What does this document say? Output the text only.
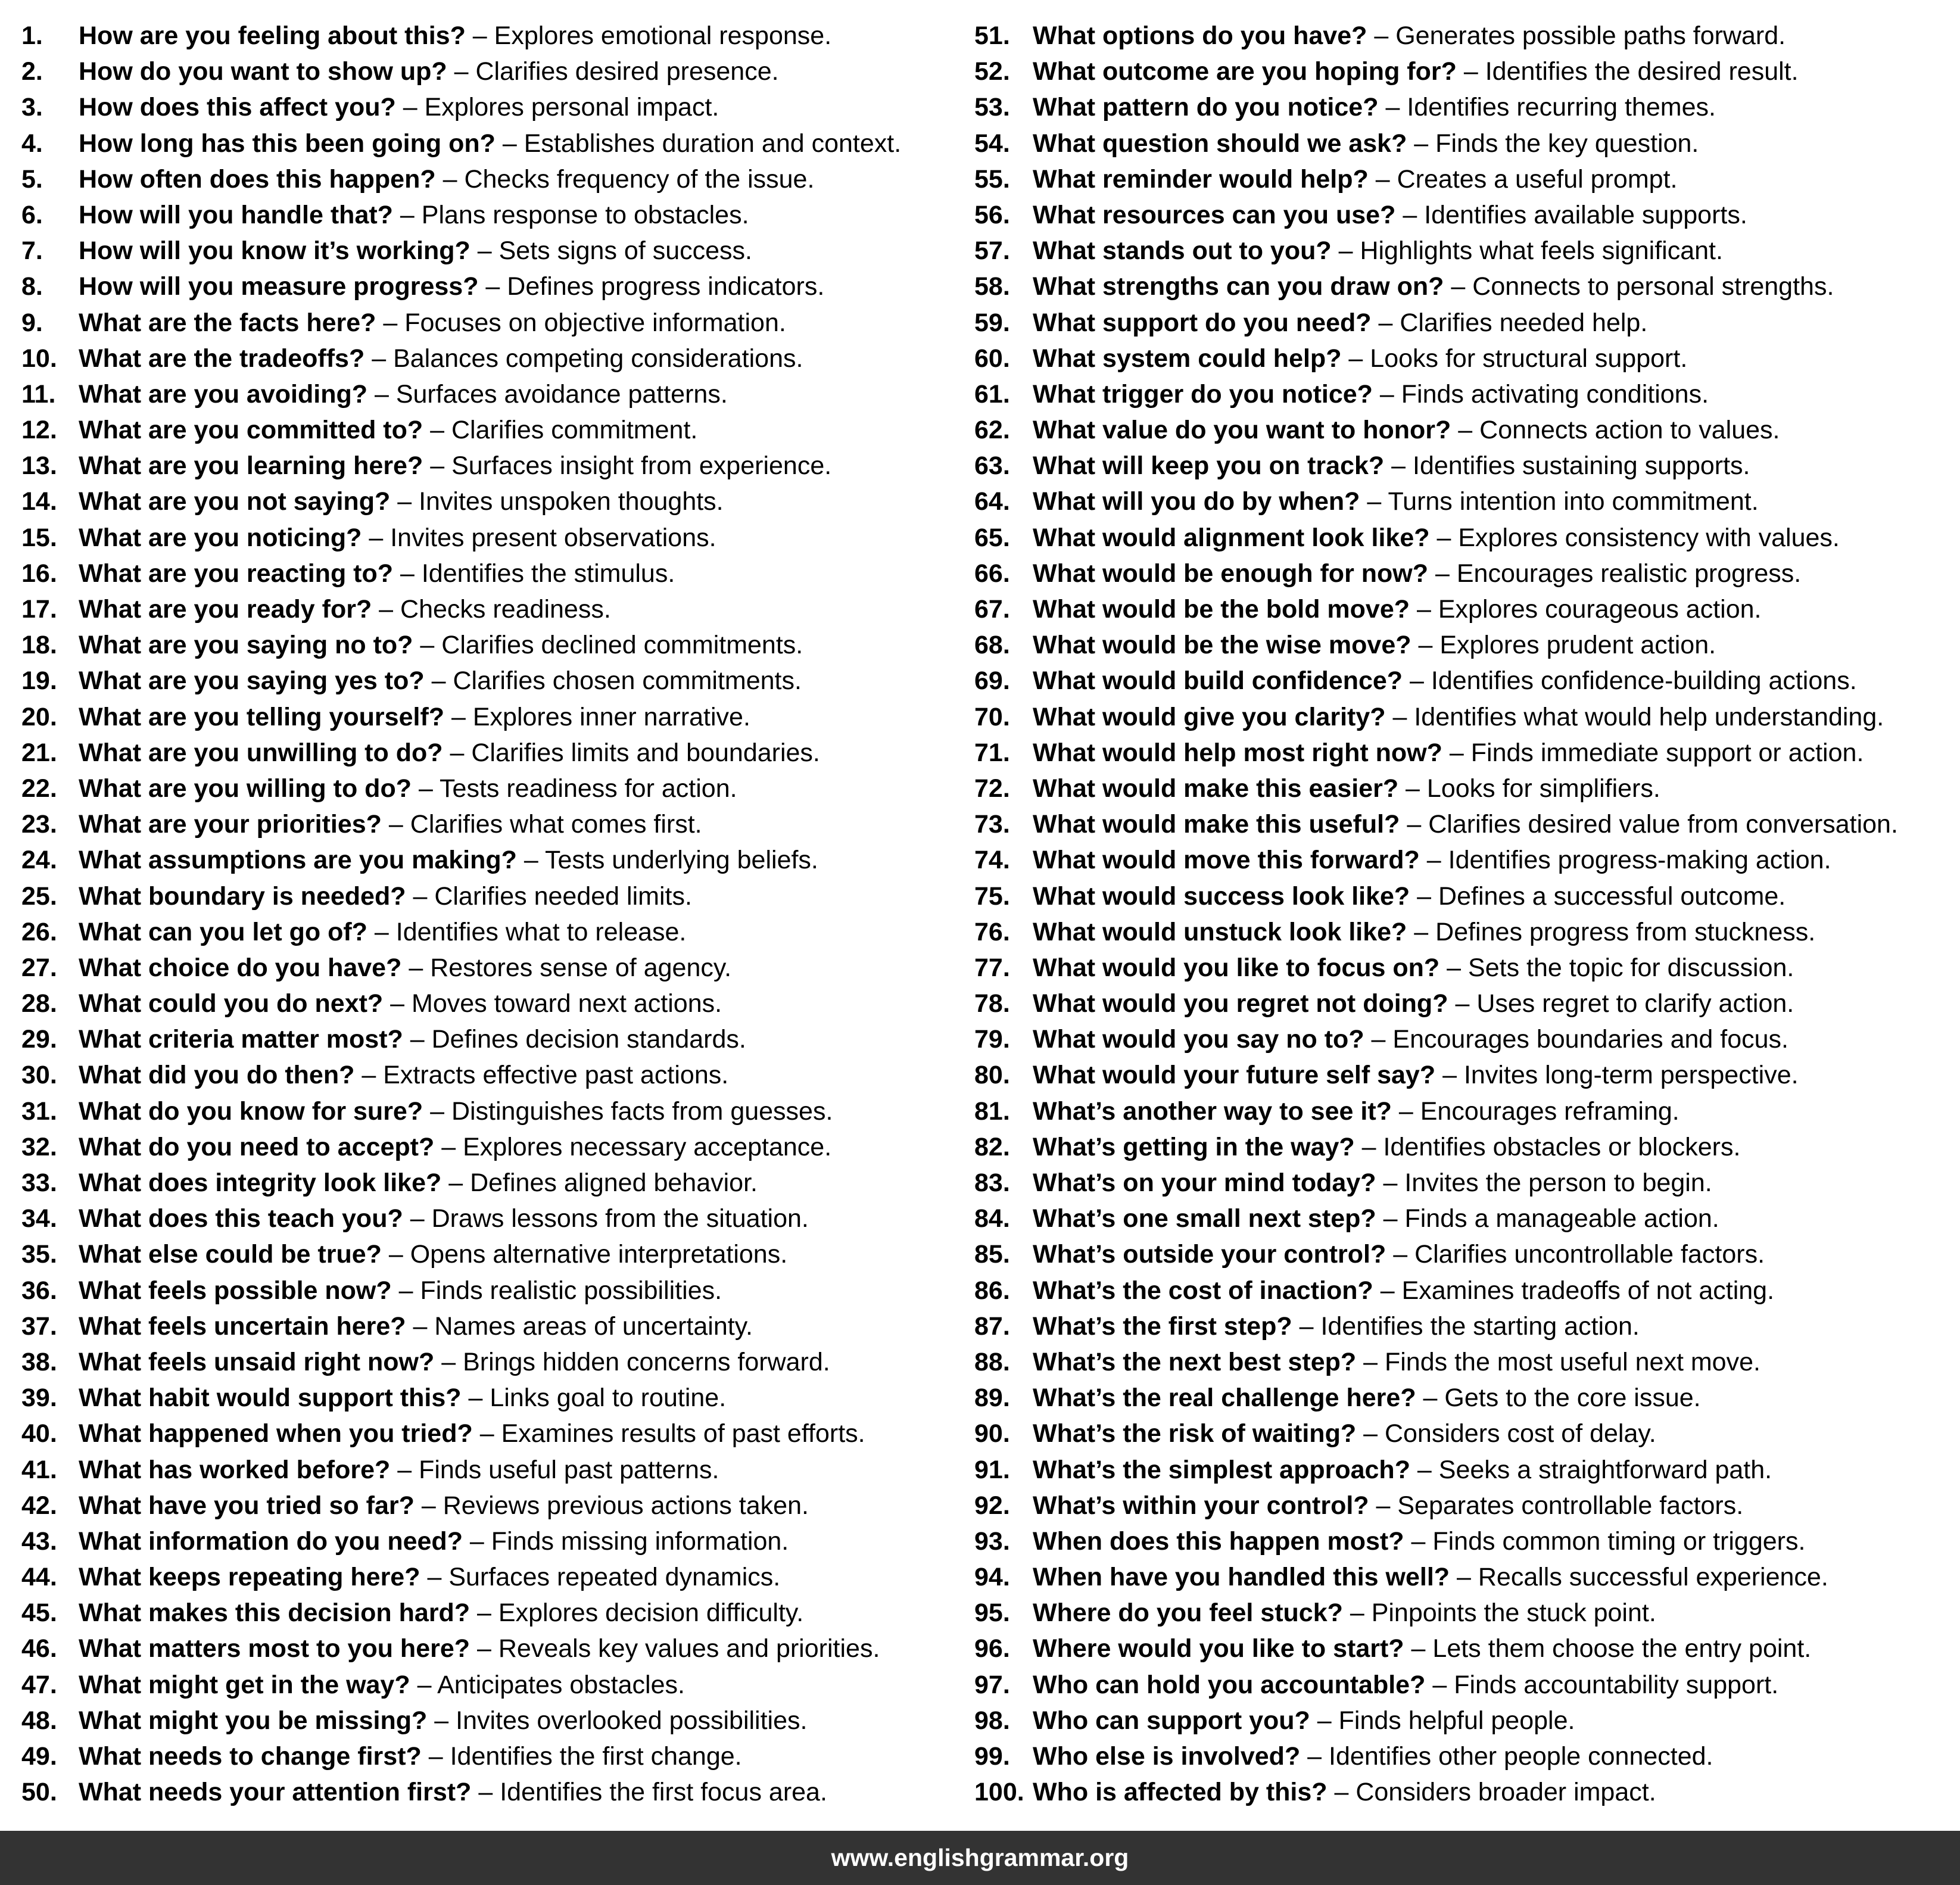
1. How are you feeling about this? – Explores emotional response.
2. How do you want to show up? – Clarifies desired presence.
3. How does this affect you? – Explores personal impact.
4. How long has this been going on? – Establishes duration and context.
5. How often does this happen? – Checks frequency of the issue.
6. How will you handle that? – Plans response to obstacles.
7. How will you know it’s working? – Sets signs of success.
8. How will you measure progress? – Defines progress indicators.
9. What are the facts here? – Focuses on objective information.
10. What are the tradeoffs? – Balances competing considerations.
11. What are you avoiding? – Surfaces avoidance patterns.
12. What are you committed to? – Clarifies commitment.
13. What are you learning here? – Surfaces insight from experience.
14. What are you not saying? – Invites unspoken thoughts.
15. What are you noticing? – Invites present observations.
16. What are you reacting to? – Identifies the stimulus.
17. What are you ready for? – Checks readiness.
18. What are you saying no to? – Clarifies declined commitments.
19. What are you saying yes to? – Clarifies chosen commitments.
20. What are you telling yourself? – Explores inner narrative.
21. What are you unwilling to do? – Clarifies limits and boundaries.
22. What are you willing to do? – Tests readiness for action.
23. What are your priorities? – Clarifies what comes first.
24. What assumptions are you making? – Tests underlying beliefs.
25. What boundary is needed? – Clarifies needed limits.
26. What can you let go of? – Identifies what to release.
27. What choice do you have? – Restores sense of agency.
28. What could you do next? – Moves toward next actions.
29. What criteria matter most? – Defines decision standards.
30. What did you do then? – Extracts effective past actions.
31. What do you know for sure? – Distinguishes facts from guesses.
32. What do you need to accept? – Explores necessary acceptance.
33. What does integrity look like? – Defines aligned behavior.
34. What does this teach you? – Draws lessons from the situation.
35. What else could be true? – Opens alternative interpretations.
36. What feels possible now? – Finds realistic possibilities.
37. What feels uncertain here? – Names areas of uncertainty.
38. What feels unsaid right now? – Brings hidden concerns forward.
39. What habit would support this? – Links goal to routine.
40. What happened when you tried? – Examines results of past efforts.
41. What has worked before? – Finds useful past patterns.
42. What have you tried so far? – Reviews previous actions taken.
43. What information do you need? – Finds missing information.
44. What keeps repeating here? – Surfaces repeated dynamics.
45. What makes this decision hard? – Explores decision difficulty.
46. What matters most to you here? – Reveals key values and priorities.
47. What might get in the way? – Anticipates obstacles.
48. What might you be missing? – Invites overlooked possibilities.
49. What needs to change first? – Identifies the first change.
50. What needs your attention first? – Identifies the first focus area.
51. What options do you have? – Generates possible paths forward.
52. What outcome are you hoping for? – Identifies the desired result.
53. What pattern do you notice? – Identifies recurring themes.
54. What question should we ask? – Finds the key question.
55. What reminder would help? – Creates a useful prompt.
56. What resources can you use? – Identifies available supports.
57. What stands out to you? – Highlights what feels significant.
58. What strengths can you draw on? – Connects to personal strengths.
59. What support do you need? – Clarifies needed help.
60. What system could help? – Looks for structural support.
61. What trigger do you notice? – Finds activating conditions.
62. What value do you want to honor? – Connects action to values.
63. What will keep you on track? – Identifies sustaining supports.
64. What will you do by when? – Turns intention into commitment.
65. What would alignment look like? – Explores consistency with values.
66. What would be enough for now? – Encourages realistic progress.
67. What would be the bold move? – Explores courageous action.
68. What would be the wise move? – Explores prudent action.
69. What would build confidence? – Identifies confidence-building actions.
70. What would give you clarity? – Identifies what would help understanding.
71. What would help most right now? – Finds immediate support or action.
72. What would make this easier? – Looks for simplifiers.
73. What would make this useful? – Clarifies desired value from conversation.
74. What would move this forward? – Identifies progress-making action.
75. What would success look like? – Defines a successful outcome.
76. What would unstuck look like? – Defines progress from stuckness.
77. What would you like to focus on? – Sets the topic for discussion.
78. What would you regret not doing? – Uses regret to clarify action.
79. What would you say no to? – Encourages boundaries and focus.
80. What would your future self say? – Invites long-term perspective.
81. What’s another way to see it? – Encourages reframing.
82. What’s getting in the way? – Identifies obstacles or blockers.
83. What’s on your mind today? – Invites the person to begin.
84. What’s one small next step? – Finds a manageable action.
85. What’s outside your control? – Clarifies uncontrollable factors.
86. What’s the cost of inaction? – Examines tradeoffs of not acting.
87. What’s the first step? – Identifies the starting action.
88. What’s the next best step? – Finds the most useful next move.
89. What’s the real challenge here? – Gets to the core issue.
90. What’s the risk of waiting? – Considers cost of delay.
91. What’s the simplest approach? – Seeks a straightforward path.
92. What’s within your control? – Separates controllable factors.
93. When does this happen most? – Finds common timing or triggers.
94. When have you handled this well? – Recalls successful experience.
95. Where do you feel stuck? – Pinpoints the stuck point.
96. Where would you like to start? – Lets them choose the entry point.
97. Who can hold you accountable? – Finds accountability support.
98. Who can support you? – Finds helpful people.
99. Who else is involved? – Identifies other people connected.
100. Who is affected by this? – Considers broader impact.
www.englishgrammar.org
